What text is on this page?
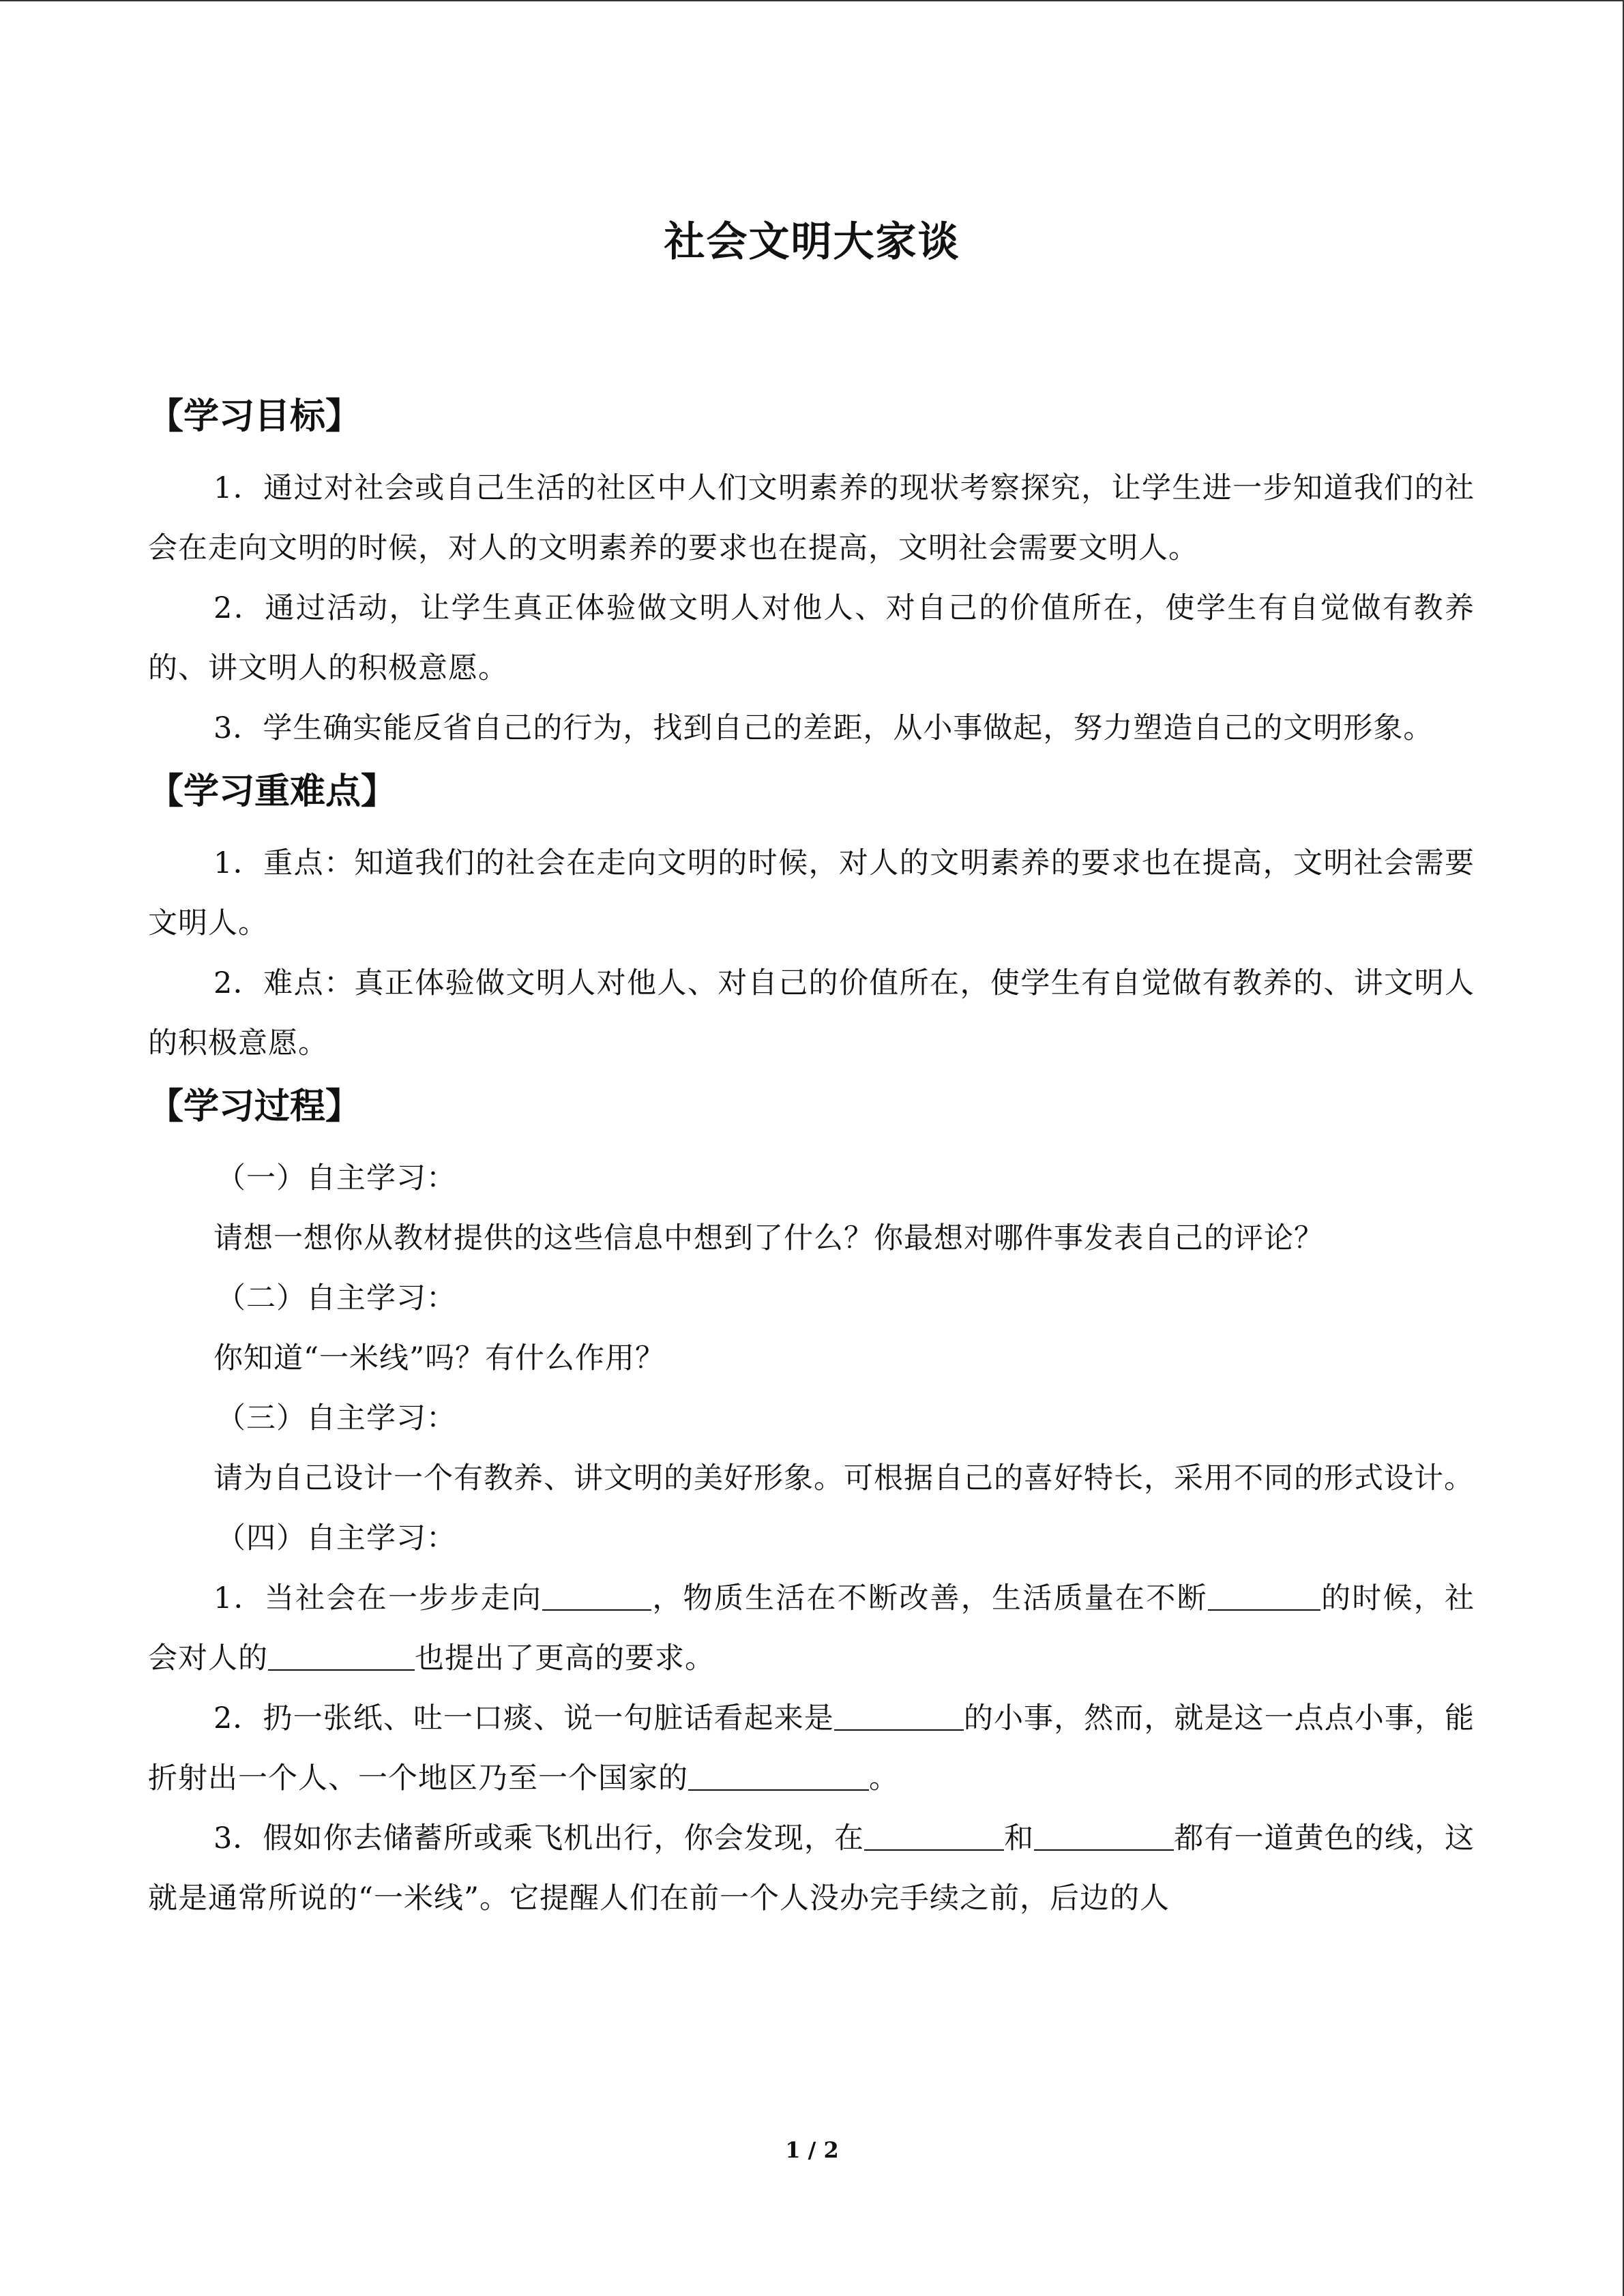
社会文明大家谈
【学习目标】
1．通过对社会或自己生活的社区中人们文明素养的现状考察探究，让学生进一步知道我们的社会在走向文明的时候，对人的文明素养的要求也在提高，文明社会需要文明人。
2．通过活动，让学生真正体验做文明人对他人、对自己的价值所在，使学生有自觉做有教养的、讲文明人的积极意愿。
3．学生确实能反省自己的行为，找到自己的差距，从小事做起，努力塑造自己的文明形象。
【学习重难点】
1．重点：知道我们的社会在走向文明的时候，对人的文明素养的要求也在提高，文明社会需要文明人。
2．难点：真正体验做文明人对他人、对自己的价值所在，使学生有自觉做有教养的、讲文明人的积极意愿。
【学习过程】
（一）自主学习：
请想一想你从教材提供的这些信息中想到了什么？你最想对哪件事发表自己的评论？
（二）自主学习：
你知道“一米线”吗？有什么作用？
（三）自主学习：
请为自己设计一个有教养、讲文明的美好形象。可根据自己的喜好特长，采用不同的形式设计。
（四）自主学习：
1．当社会在一步步走向	，物质生活在不断改善，生活质量在不断	的时候，社会对人的	也提出了更高的要求。
2．扔一张纸、吐一口痰、说一句脏话看起来是	的小事，然而，就是这一点点小事，能折射出一个人、一个地区乃至一个国家的	。
3．假如你去储蓄所或乘飞机出行，你会发现，在	和	都有一道黄色的线，这就是通常所说的“一米线”。它提醒人们在前一个人没办完手续之前，后边的人
1 / 2
